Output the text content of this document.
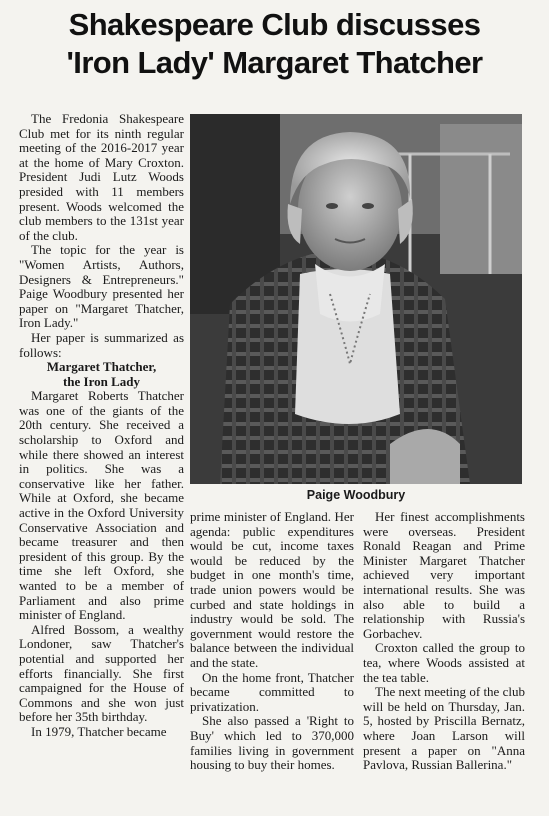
Shakespeare Club discusses
'Iron Lady' Margaret Thatcher

The Fredonia Shakespeare Club met for its ninth regular meeting of the 2016-2017 year at the home of Mary Croxton. President Judi Lutz Woods presided with 11 members present. Woods welcomed the club members to the 131st year of the club.

The topic for the year is "Women Artists, Authors, Designers & Entrepreneurs." Paige Woodbury presented her paper on "Margaret Thatcher, Iron Lady."

Her paper is summarized as follows:

Margaret Thatcher,
the Iron Lady

Margaret Roberts Thatcher was one of the giants of the 20th century. She received a scholarship to Oxford and while there showed an interest in politics. She was a conservative like her father. While at Oxford, she became active in the Oxford University Conservative Association and became treasurer and then president of this group. By the time she left Oxford, she wanted to be a member of Parliament and also prime minister of England.

Alfred Bossom, a wealthy Londoner, saw Thatcher's potential and supported her efforts financially. She first campaigned for the House of Commons and she won just before her 35th birthday.

In 1979, Thatcher became

Paige Woodbury

prime minister of England. Her agenda: public expenditures would be cut, income taxes would be reduced by the budget in one month's time, trade union powers would be curbed and state holdings in industry would be sold. The government would restore the balance between the individual and the state.

On the home front, Thatcher became committed to privatization.

She also passed a 'Right to Buy' which led to 370,000 families living in government housing to buy their homes.

Her finest accomplishments were overseas. President Ronald Reagan and Prime Minister Margaret Thatcher achieved very important international results. She was also able to build a relationship with Russia's Gorbachev.

Croxton called the group to tea, where Woods assisted at the tea table.

The next meeting of the club will be held on Thursday, Jan. 5, hosted by Priscilla Bernatz, where Joan Larson will present a paper on "Anna Pavlova, Russian Ballerina."
